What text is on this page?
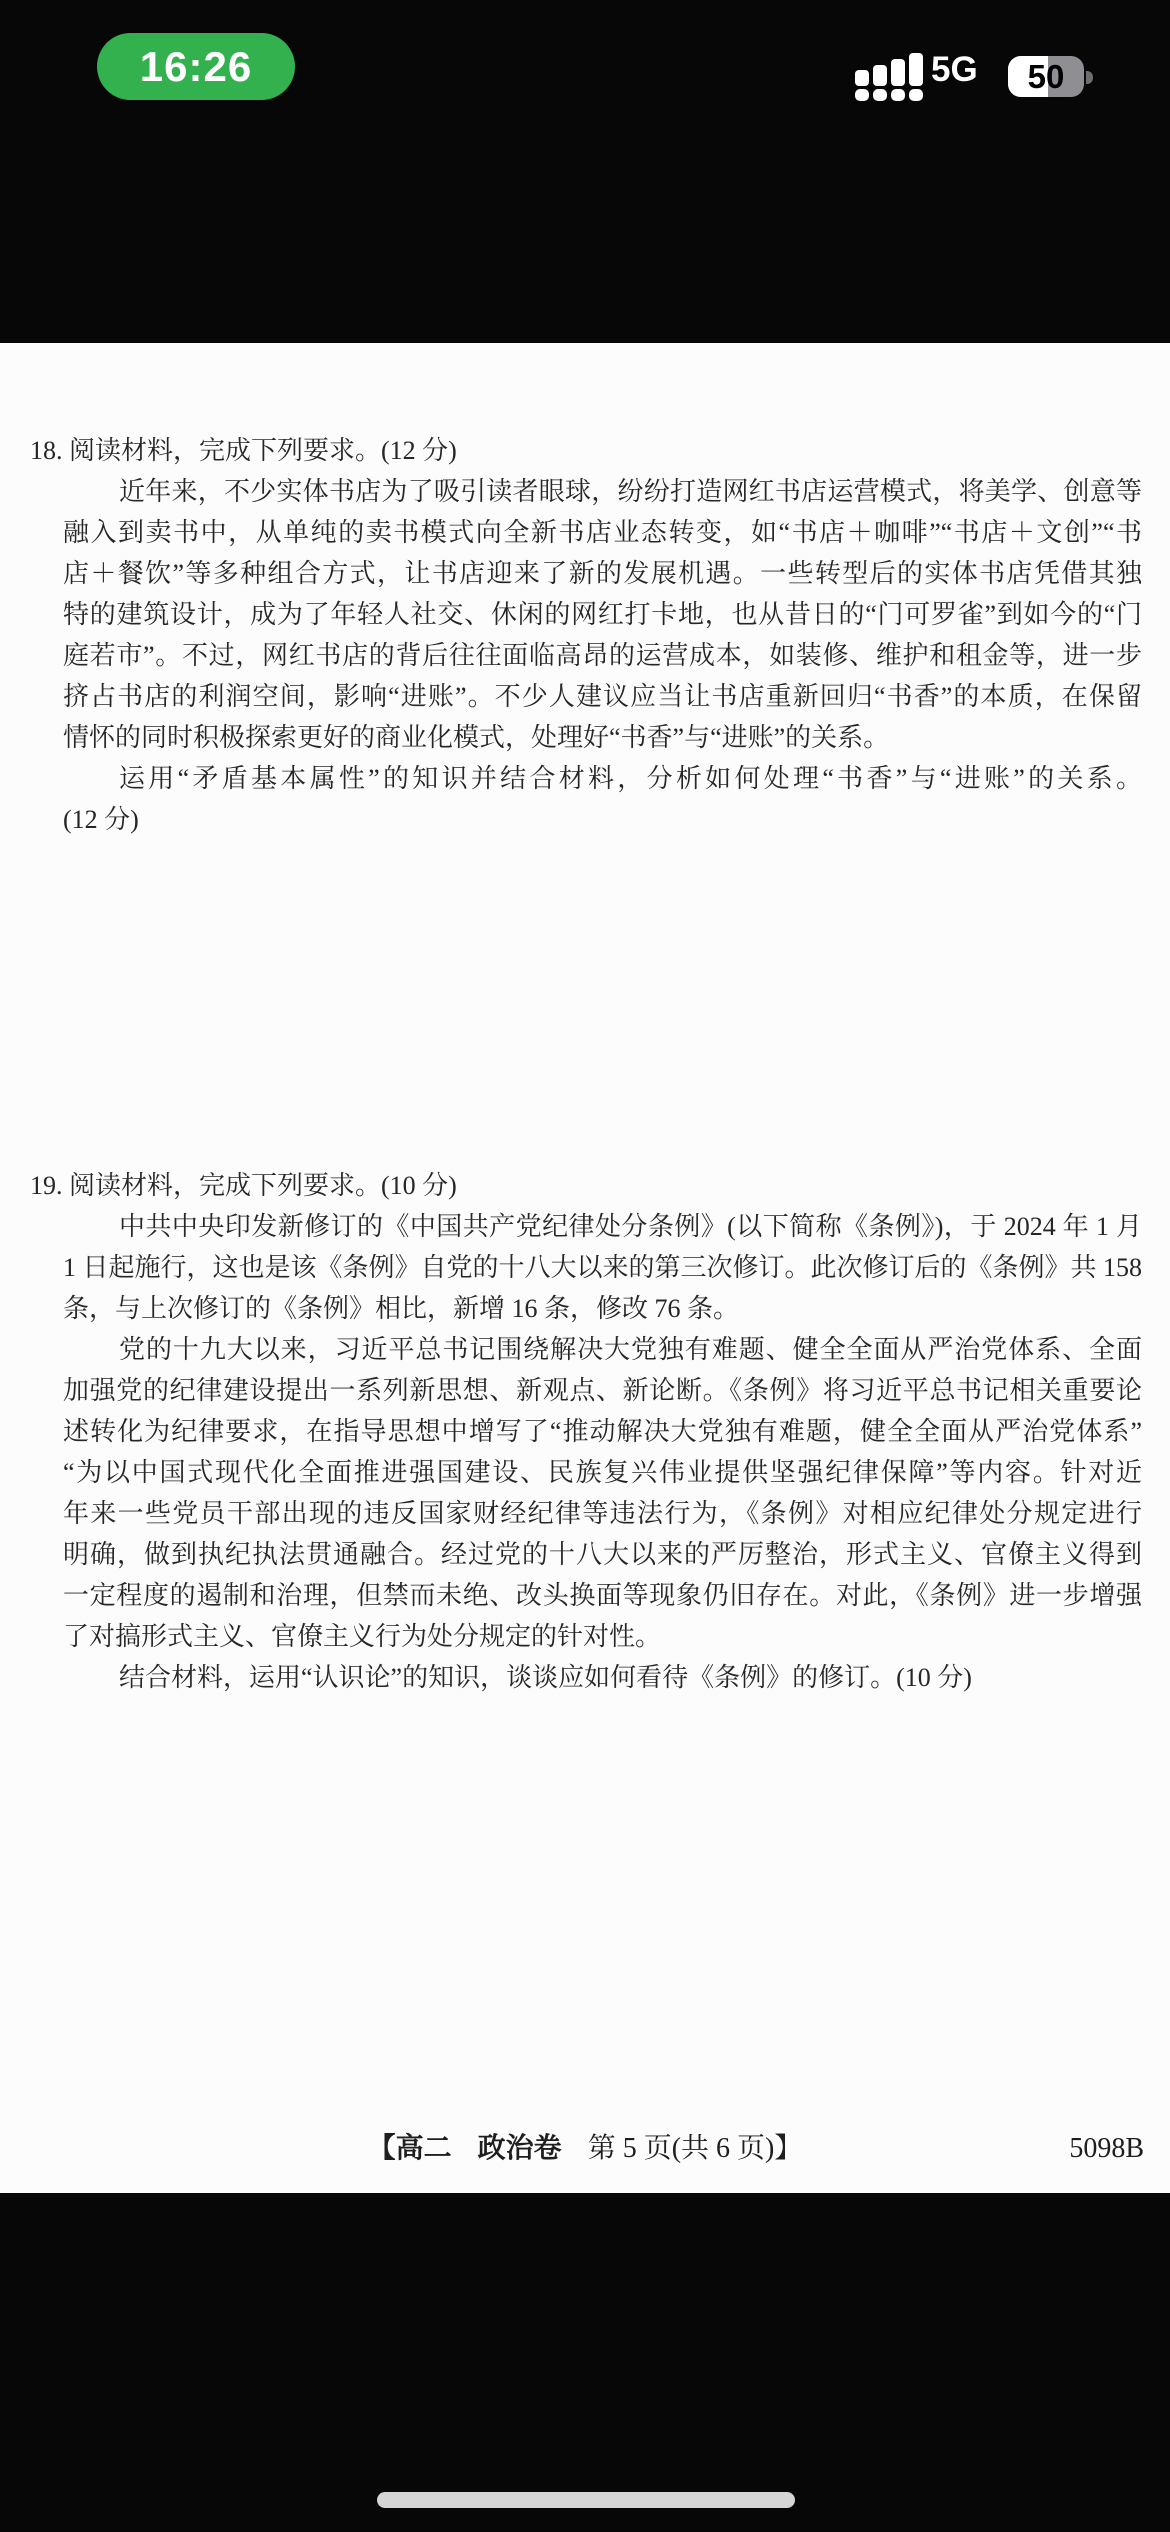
16:26	5G	50
18. 阅读材料，完成下列要求。(12 分)
近年来，不少实体书店为了吸引读者眼球，纷纷打造网红书店运营模式，将美学、创意等
融入到卖书中，从单纯的卖书模式向全新书店业态转变，如“书店＋咖啡”“书店＋文创”“书
店＋餐饮”等多种组合方式，让书店迎来了新的发展机遇。一些转型后的实体书店凭借其独
特的建筑设计，成为了年轻人社交、休闲的网红打卡地，也从昔日的“门可罗雀”到如今的“门
庭若市”。不过，网红书店的背后往往面临高昂的运营成本，如装修、维护和租金等，进一步
挤占书店的利润空间，影响“进账”。不少人建议应当让书店重新回归“书香”的本质，在保留
情怀的同时积极探索更好的商业化模式，处理好“书香”与“进账”的关系。
运用“矛盾基本属性”的知识并结合材料，分析如何处理“书香”与“进账”的关系。
(12 分)
19. 阅读材料，完成下列要求。(10 分)
中共中央印发新修订的《中国共产党纪律处分条例》(以下简称《条例》)，于 2024 年 1 月
1 日起施行，这也是该《条例》自党的十八大以来的第三次修订。此次修订后的《条例》共 158
条，与上次修订的《条例》相比，新增 16 条，修改 76 条。
党的十九大以来，习近平总书记围绕解决大党独有难题、健全全面从严治党体系、全面
加强党的纪律建设提出一系列新思想、新观点、新论断。《条例》将习近平总书记相关重要论
述转化为纪律要求，在指导思想中增写了“推动解决大党独有难题，健全全面从严治党体系”
“为以中国式现代化全面推进强国建设、民族复兴伟业提供坚强纪律保障”等内容。针对近
年来一些党员干部出现的违反国家财经纪律等违法行为，《条例》对相应纪律处分规定进行
明确，做到执纪执法贯通融合。经过党的十八大以来的严厉整治，形式主义、官僚主义得到
一定程度的遏制和治理，但禁而未绝、改头换面等现象仍旧存在。对此，《条例》进一步增强
了对搞形式主义、官僚主义行为处分规定的针对性。
结合材料，运用“认识论”的知识，谈谈应如何看待《条例》的修订。(10 分)
【高二 政治卷 第 5 页(共 6 页)】	5098B
